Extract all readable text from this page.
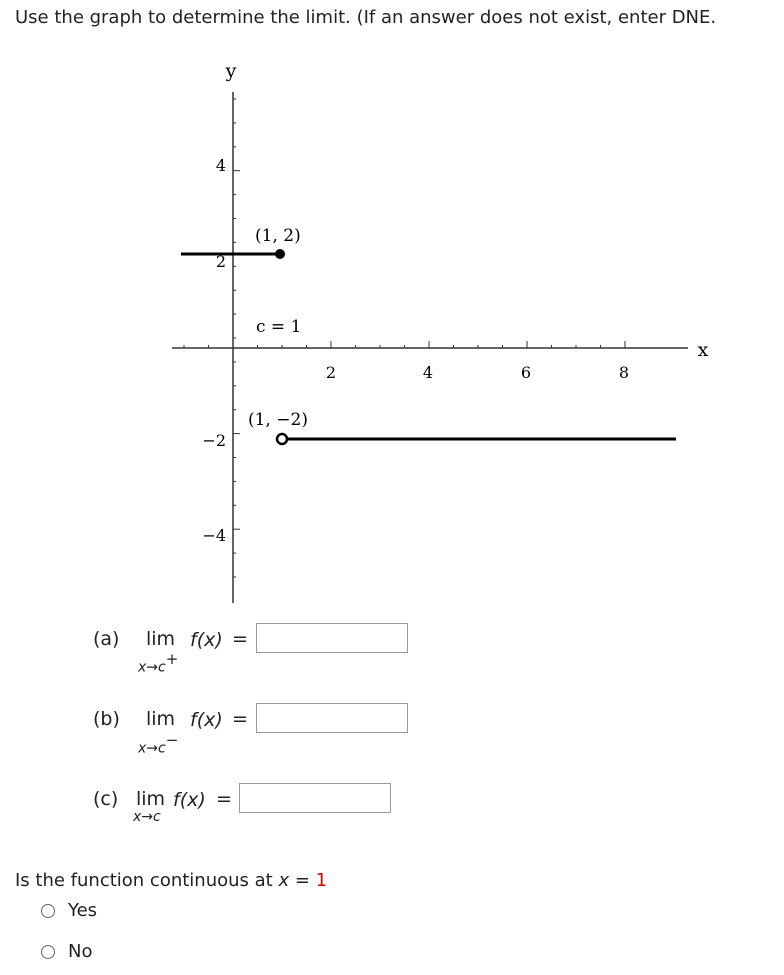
Use the graph to determine the limit. (If an answer does not exist, enter DNE.
y
x
2	4	6	8
4
2
−2
−4
(1, 2)
c = 1
(1, −2)
(a) lim
x→c+
f(x) =
(b) lim
x→c−
f(x) =
(c) lim
x→c
f(x) =
Is the function continuous at x = 1
Yes
No
